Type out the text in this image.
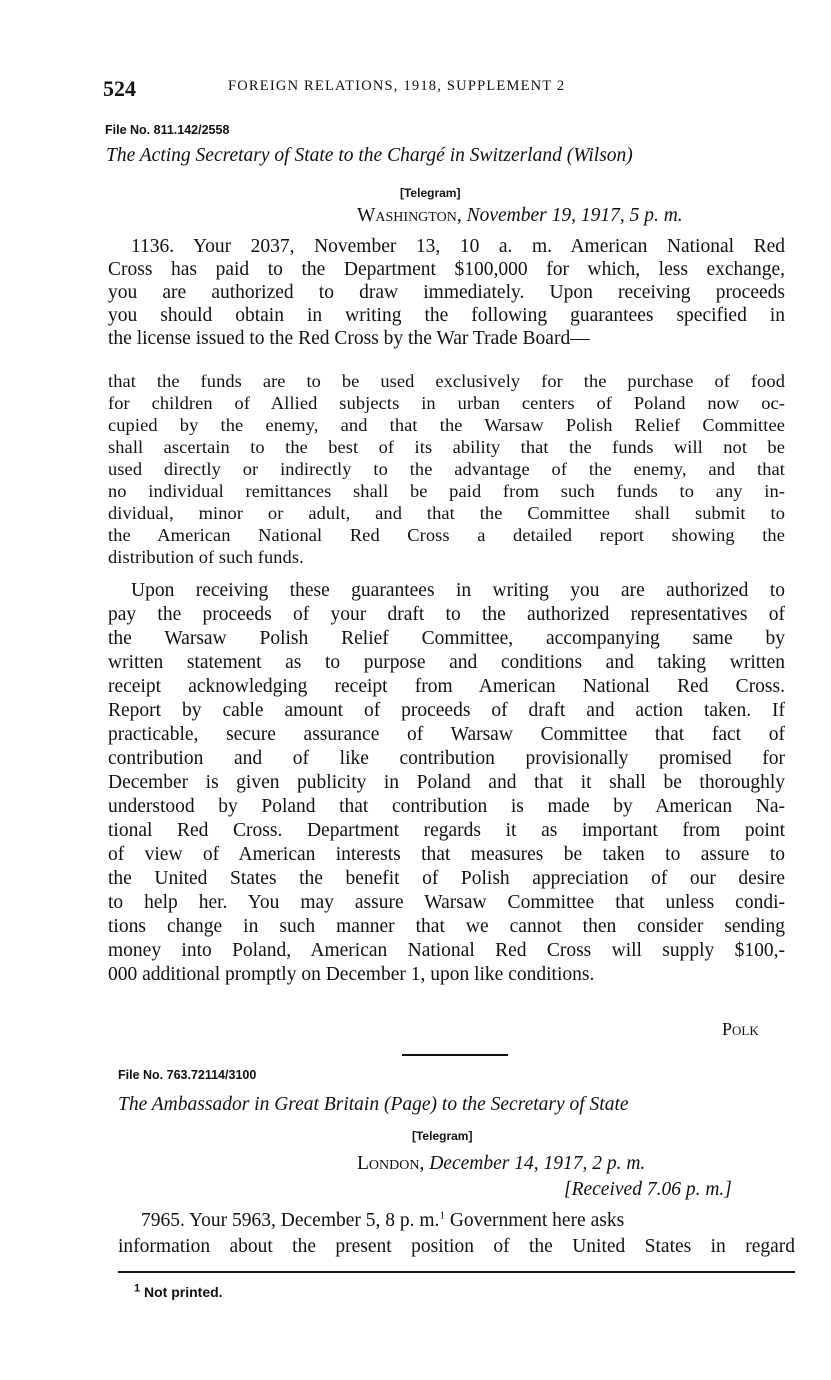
524	FOREIGN RELATIONS, 1918, SUPPLEMENT 2
File No. 811.142/2558
The Acting Secretary of State to the Chargé in Switzerland (Wilson)
[Telegram]
Washington, November 19, 1917, 5 p. m.
1136. Your 2037, November 13, 10 a. m. American National Red
Cross has paid to the Department $100,000 for which, less exchange,
you are authorized to draw immediately. Upon receiving proceeds
you should obtain in writing the following guarantees specified in
the license issued to the Red Cross by the War Trade Board—
that the funds are to be used exclusively for the purchase of food
for children of Allied subjects in urban centers of Poland now oc-
cupied by the enemy, and that the Warsaw Polish Relief Committee
shall ascertain to the best of its ability that the funds will not be
used directly or indirectly to the advantage of the enemy, and that
no individual remittances shall be paid from such funds to any in-
dividual, minor or adult, and that the Committee shall submit to
the American National Red Cross a detailed report showing the
distribution of such funds.
Upon receiving these guarantees in writing you are authorized to
pay the proceeds of your draft to the authorized representatives of
the Warsaw Polish Relief Committee, accompanying same by
written statement as to purpose and conditions and taking written
receipt acknowledging receipt from American National Red Cross.
Report by cable amount of proceeds of draft and action taken. If
practicable, secure assurance of Warsaw Committee that fact of
contribution and of like contribution provisionally promised for
December is given publicity in Poland and that it shall be thoroughly
understood by Poland that contribution is made by American Na-
tional Red Cross. Department regards it as important from point
of view of American interests that measures be taken to assure to
the United States the benefit of Polish appreciation of our desire
to help her. You may assure Warsaw Committee that unless condi-
tions change in such manner that we cannot then consider sending
money into Poland, American National Red Cross will supply $100,-
000 additional promptly on December 1, upon like conditions.
Polk
File No. 763.72114/3100
The Ambassador in Great Britain (Page) to the Secretary of State
[Telegram]
London, December 14, 1917, 2 p. m.
[Received 7.06 p. m.]
7965. Your 5963, December 5, 8 p. m.$^1$ Government here asks
information about the present position of the United States in regard
$^1$ Not printed.
